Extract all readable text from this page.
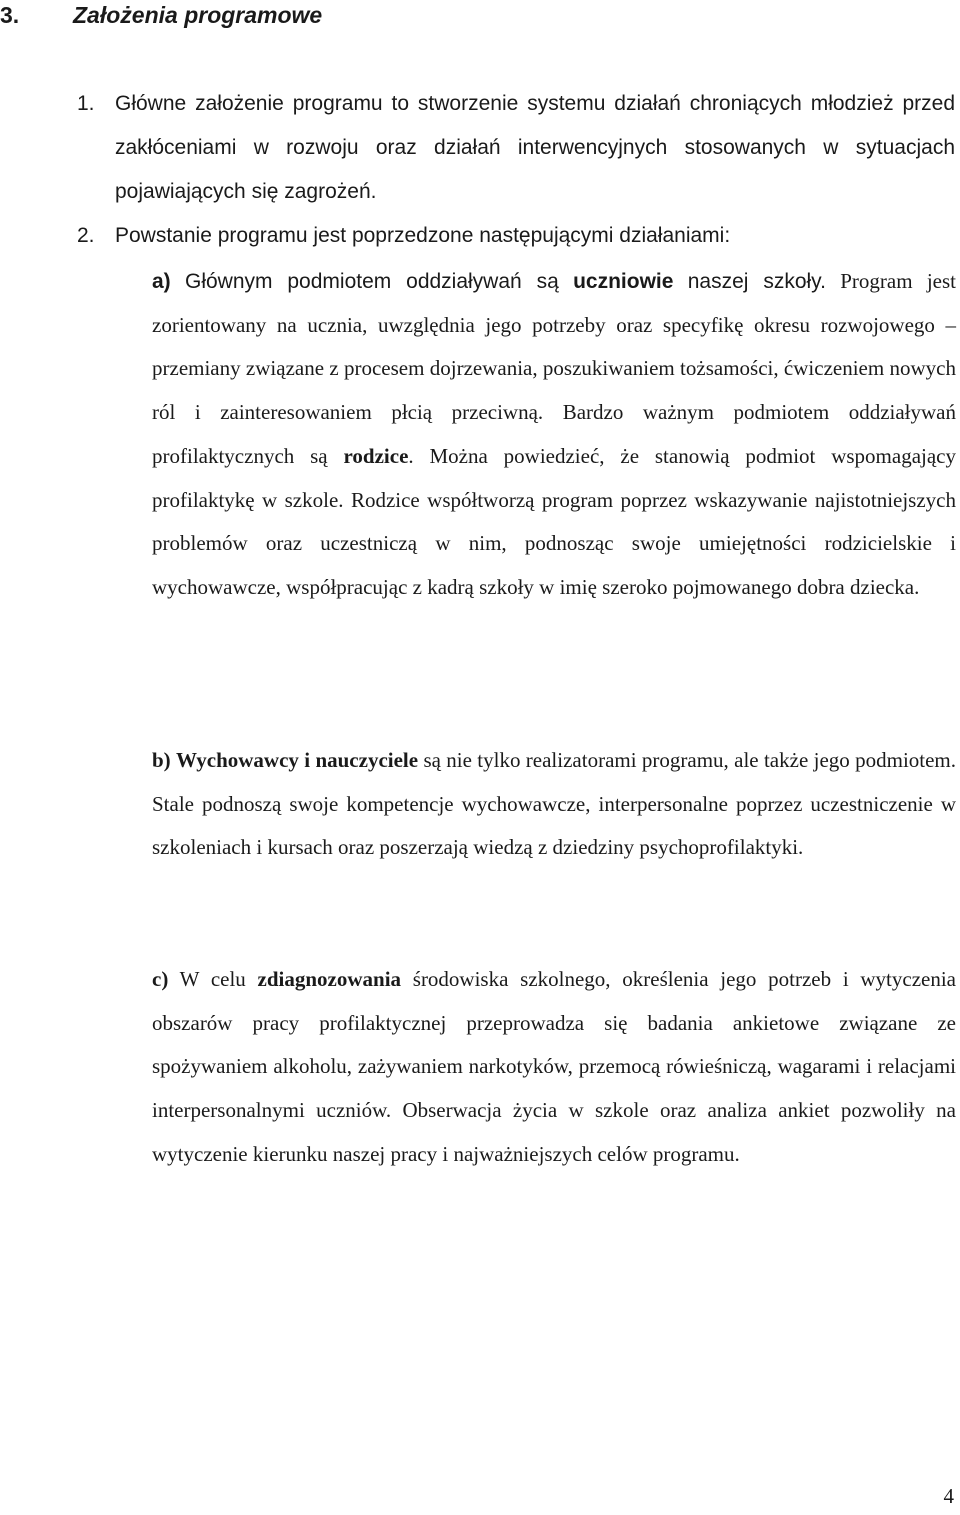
3. Założenia programowe

1. Główne założenie programu to stworzenie systemu działań chroniących młodzież przed zakłóceniami w rozwoju oraz działań interwencyjnych stosowanych w sytuacjach pojawiających się zagrożeń.

2. Powstanie programu jest poprzedzone następującymi działaniami:

a) Głównym podmiotem oddziaływań są uczniowie naszej szkoły. Program jest zorientowany na ucznia, uwzględnia jego potrzeby oraz specyfikę okresu rozwojowego – przemiany związane z procesem dojrzewania, poszukiwaniem tożsamości, ćwiczeniem nowych ról i zainteresowaniem płcią przeciwną. Bardzo ważnym podmiotem oddziaływań profilaktycznych są rodzice. Można powiedzieć, że stanowią podmiot wspomagający profilaktykę w szkole. Rodzice współtworzą program poprzez wskazywanie najistotniejszych problemów oraz uczestniczą w nim, podnosząc swoje umiejętności rodzicielskie i wychowawcze, współpracując z kadrą szkoły w imię szeroko pojmowanego dobra dziecka.

b) Wychowawcy i nauczyciele są nie tylko realizatorami programu, ale także jego podmiotem. Stale podnoszą swoje kompetencje wychowawcze, interpersonalne poprzez uczestniczenie w szkoleniach i kursach oraz poszerzają wiedzą z dziedziny psychoprofilaktyki.

c) W celu zdiagnozowania środowiska szkolnego, określenia jego potrzeb i wytyczenia obszarów pracy profilaktycznej przeprowadza się badania ankietowe związane ze spożywaniem alkoholu, zażywaniem narkotyków, przemocą rówieśniczą, wagarami i relacjami interpersonalnymi uczniów. Obserwacja życia w szkole oraz analiza ankiet pozwoliły na wytyczenie kierunku naszej pracy i najważniejszych celów programu.

4
